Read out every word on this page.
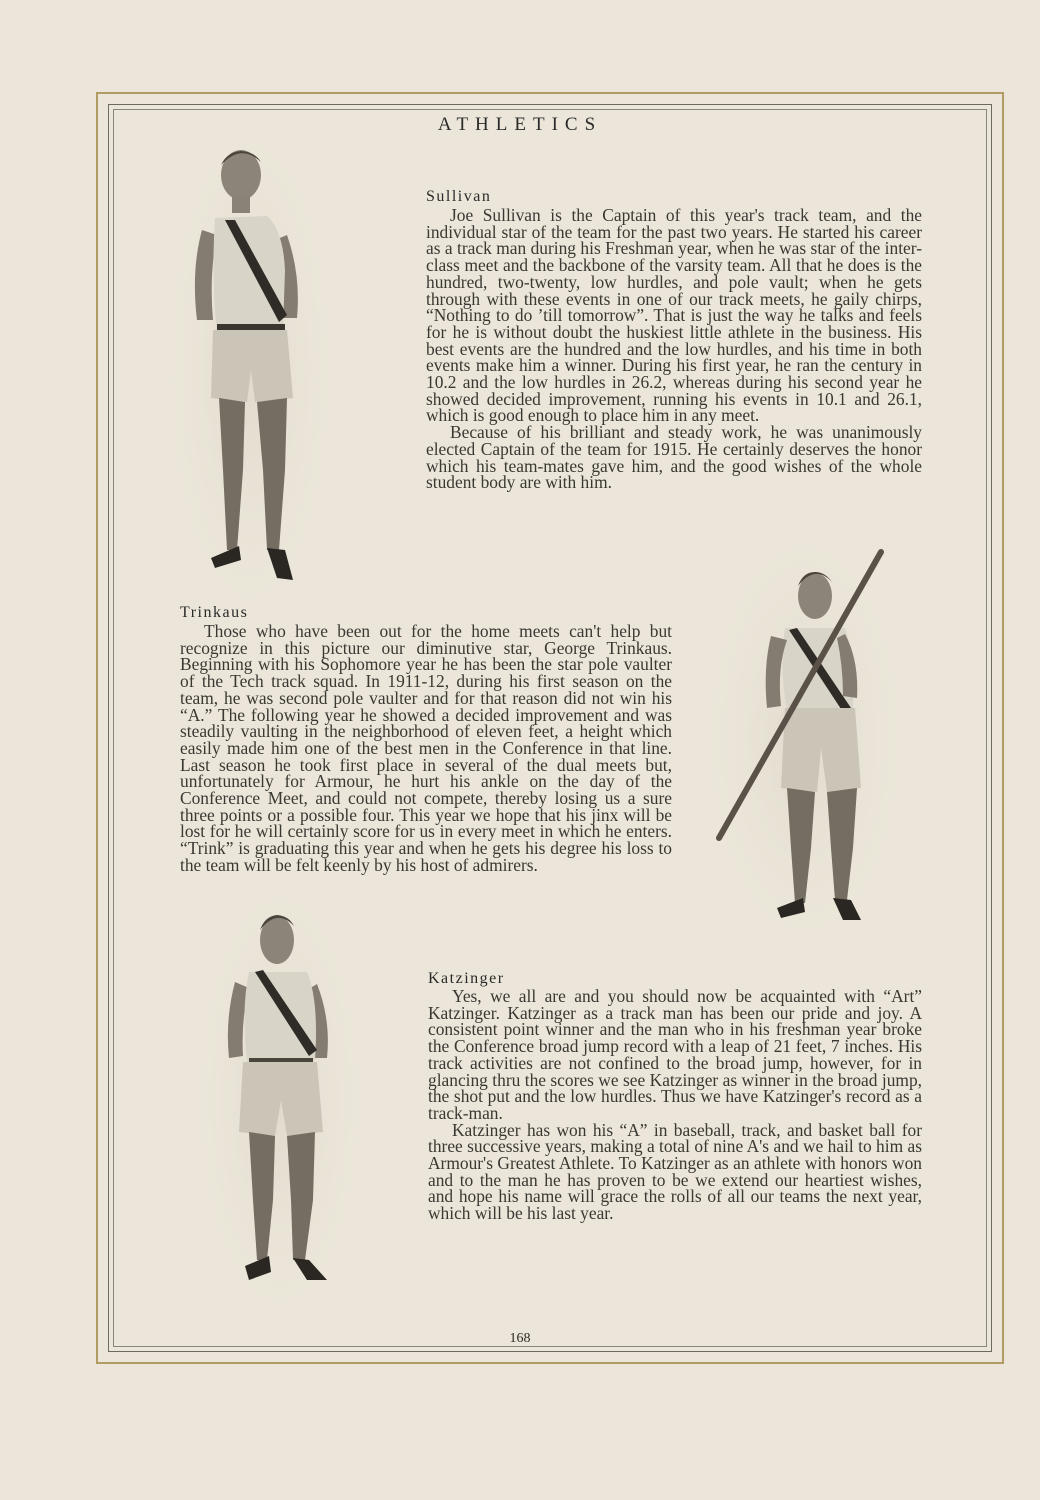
ATHLETICS
Sullivan

Joe Sullivan is the Captain of this year's track team, and the individual star of the team for the past two years. He started his career as a track man during his Freshman year, when he was star of the inter-class meet and the backbone of the varsity team. All that he does is the hundred, two-twenty, low hurdles, and pole vault; when he gets through with these events in one of our track meets, he gaily chirps, “Nothing to do ’till tomorrow”. That is just the way he talks and feels for he is without doubt the huskiest little athlete in the business. His best events are the hundred and the low hurdles, and his time in both events make him a winner. During his first year, he ran the century in 10.2 and the low hurdles in 26.2, whereas during his second year he showed decided improvement, running his events in 10.1 and 26.1, which is good enough to place him in any meet.

Because of his brilliant and steady work, he was unanimously elected Captain of the team for 1915. He certainly deserves the honor which his team-mates gave him, and the good wishes of the whole student body are with him.

Trinkaus

Those who have been out for the home meets can't help but recognize in this picture our diminutive star, George Trinkaus. Beginning with his Sophomore year he has been the star pole vaulter of the Tech track squad. In 1911-12, during his first season on the team, he was second pole vaulter and for that reason did not win his “A.” The following year he showed a decided improvement and was steadily vaulting in the neighborhood of eleven feet, a height which easily made him one of the best men in the Conference in that line. Last season he took first place in several of the dual meets but, unfortunately for Armour, he hurt his ankle on the day of the Conference Meet, and could not compete, thereby losing us a sure three points or a possible four. This year we hope that his jinx will be lost for he will certainly score for us in every meet in which he enters. “Trink” is graduating this year and when he gets his degree his loss to the team will be felt keenly by his host of admirers.

Katzinger

Yes, we all are and you should now be acquainted with “Art” Katzinger. Katzinger as a track man has been our pride and joy. A consistent point winner and the man who in his freshman year broke the Conference broad jump record with a leap of 21 feet, 7 inches. His track activities are not confined to the broad jump, however, for in glancing thru the scores we see Katzinger as winner in the broad jump, the shot put and the low hurdles. Thus we have Katzinger's record as a track-man.

Katzinger has won his “A” in baseball, track, and basket ball for three successive years, making a total of nine A's and we hail to him as Armour's Greatest Athlete. To Katzinger as an athlete with honors won and to the man he has proven to be we extend our heartiest wishes, and hope his name will grace the rolls of all our teams the next year, which will be his last year.

168
